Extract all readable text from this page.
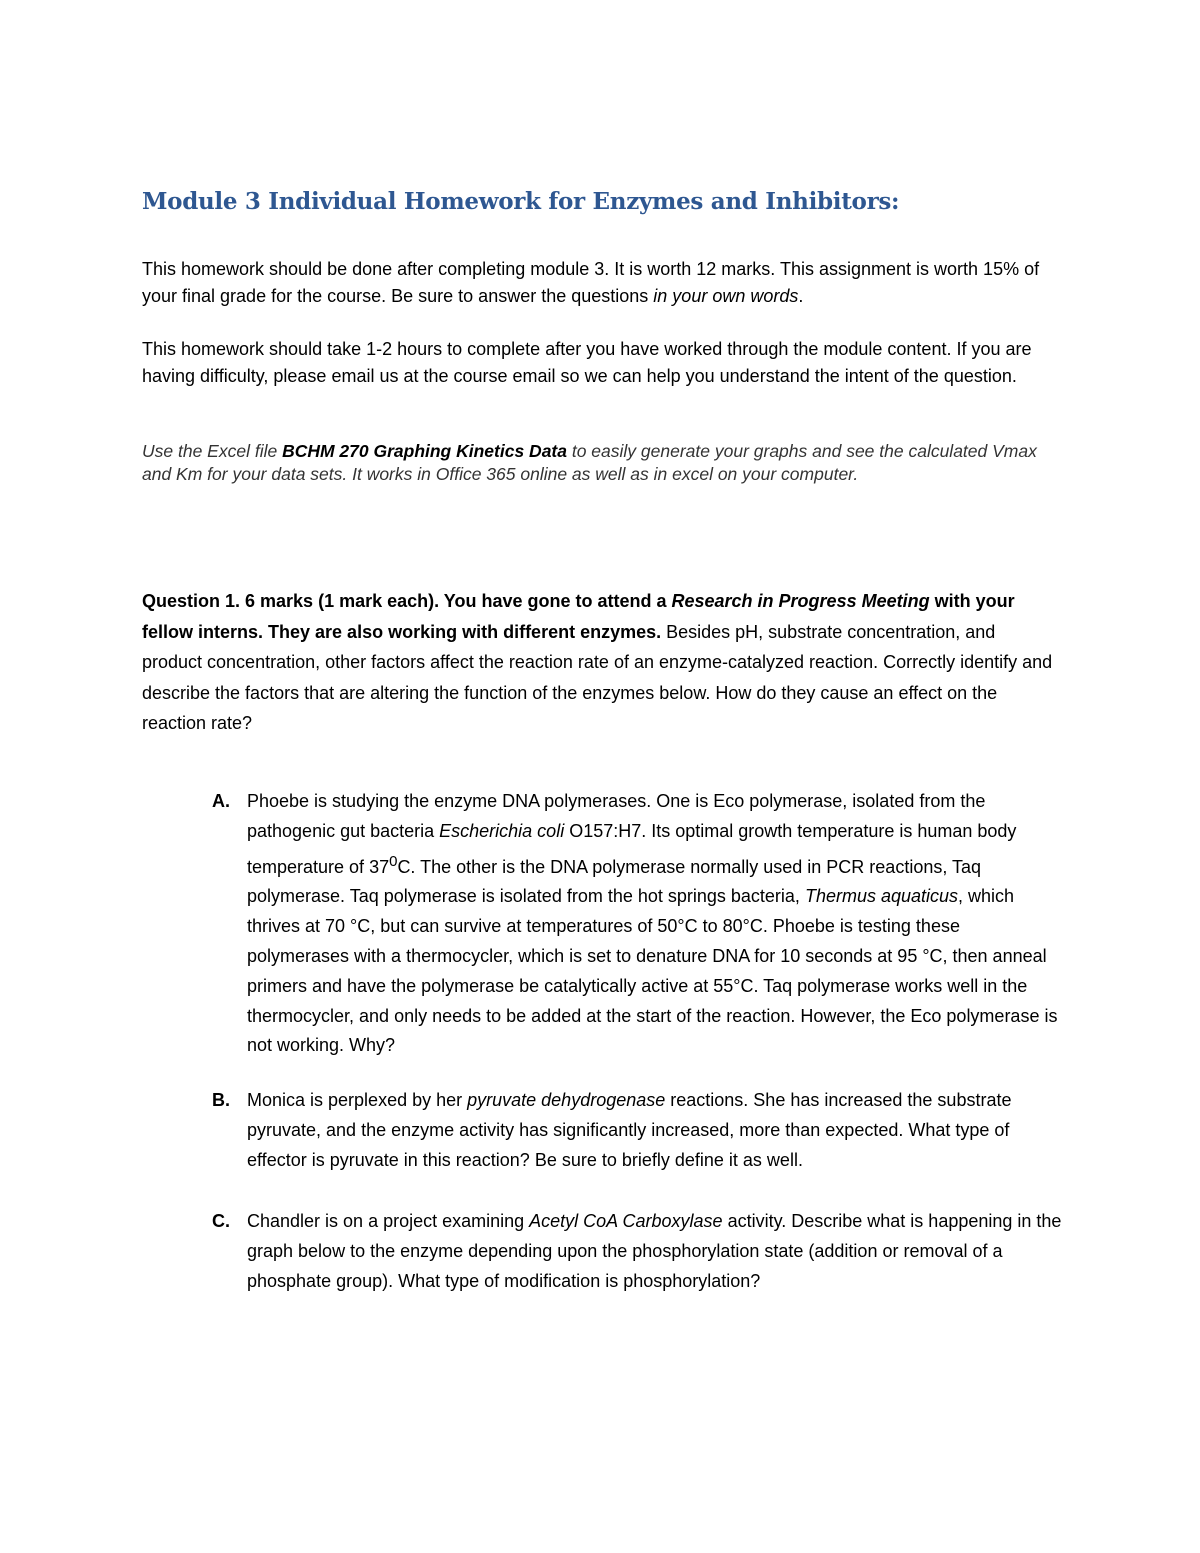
Module 3 Individual Homework for Enzymes and Inhibitors:

This homework should be done after completing module 3. It is worth 12 marks. This assignment is worth 15% of your final grade for the course. Be sure to answer the questions in your own words.

This homework should take 1-2 hours to complete after you have worked through the module content. If you are having difficulty, please email us at the course email so we can help you understand the intent of the question.

Use the Excel file BCHM 270 Graphing Kinetics Data to easily generate your graphs and see the calculated Vmax and Km for your data sets. It works in Office 365 online as well as in excel on your computer.

Question 1. 6 marks (1 mark each). You have gone to attend a Research in Progress Meeting with your fellow interns. They are also working with different enzymes. Besides pH, substrate concentration, and product concentration, other factors affect the reaction rate of an enzyme-catalyzed reaction. Correctly identify and describe the factors that are altering the function of the enzymes below. How do they cause an effect on the reaction rate?

A. Phoebe is studying the enzyme DNA polymerases. One is Eco polymerase, isolated from the pathogenic gut bacteria Escherichia coli O157:H7. Its optimal growth temperature is human body temperature of $37^0C$. The other is the DNA polymerase normally used in PCR reactions, Taq polymerase. Taq polymerase is isolated from the hot springs bacteria, Thermus aquaticus, which thrives at 70 °C, but can survive at temperatures of 50°C to 80°C. Phoebe is testing these polymerases with a thermocycler, which is set to denature DNA for 10 seconds at 95 °C, then anneal primers and have the polymerase be catalytically active at 55°C. Taq polymerase works well in the thermocycler, and only needs to be added at the start of the reaction. However, the Eco polymerase is not working. Why?
B. Monica is perplexed by her pyruvate dehydrogenase reactions. She has increased the substrate pyruvate, and the enzyme activity has significantly increased, more than expected. What type of effector is pyruvate in this reaction? Be sure to briefly define it as well.
C. Chandler is on a project examining Acetyl CoA Carboxylase activity. Describe what is happening in the graph below to the enzyme depending upon the phosphorylation state (addition or removal of a phosphate group). What type of modification is phosphorylation?
